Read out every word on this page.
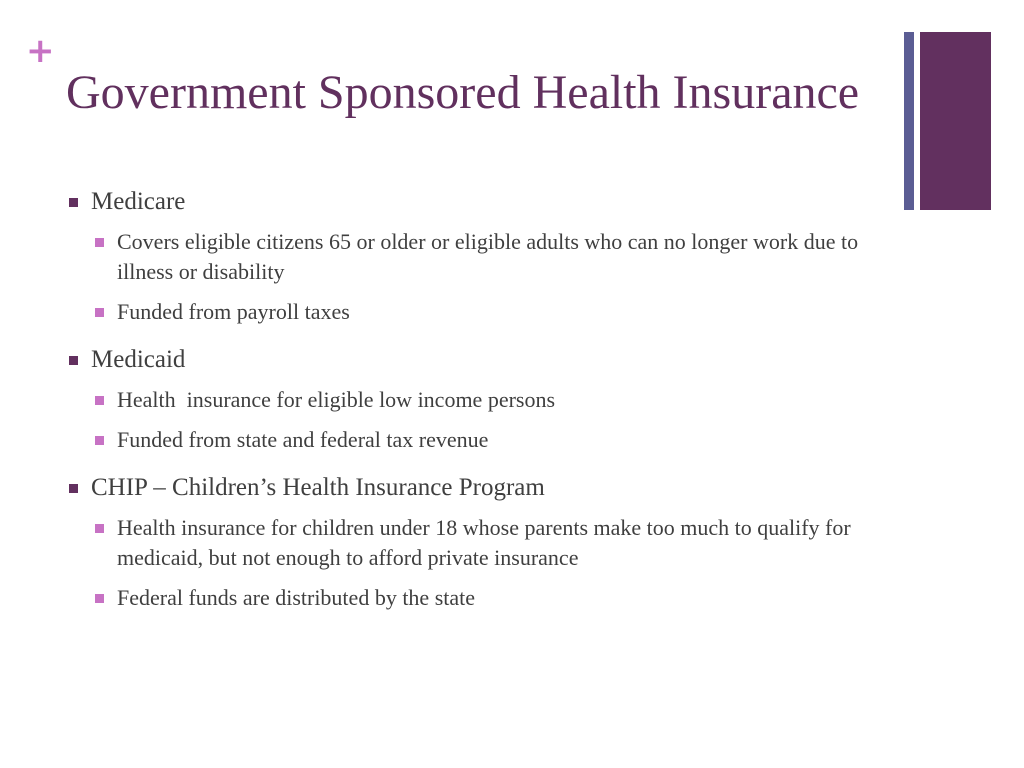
+
Government Sponsored Health Insurance

Medicare

Covers eligible citizens 65 or older or eligible adults who can no longer work due to illness or disability

Funded from payroll taxes

Medicaid

Health  insurance for eligible low income persons

Funded from state and federal tax revenue

CHIP – Children’s Health Insurance Program

Health insurance for children under 18 whose parents make too much to qualify for medicaid, but not enough to afford private insurance

Federal funds are distributed by the state
